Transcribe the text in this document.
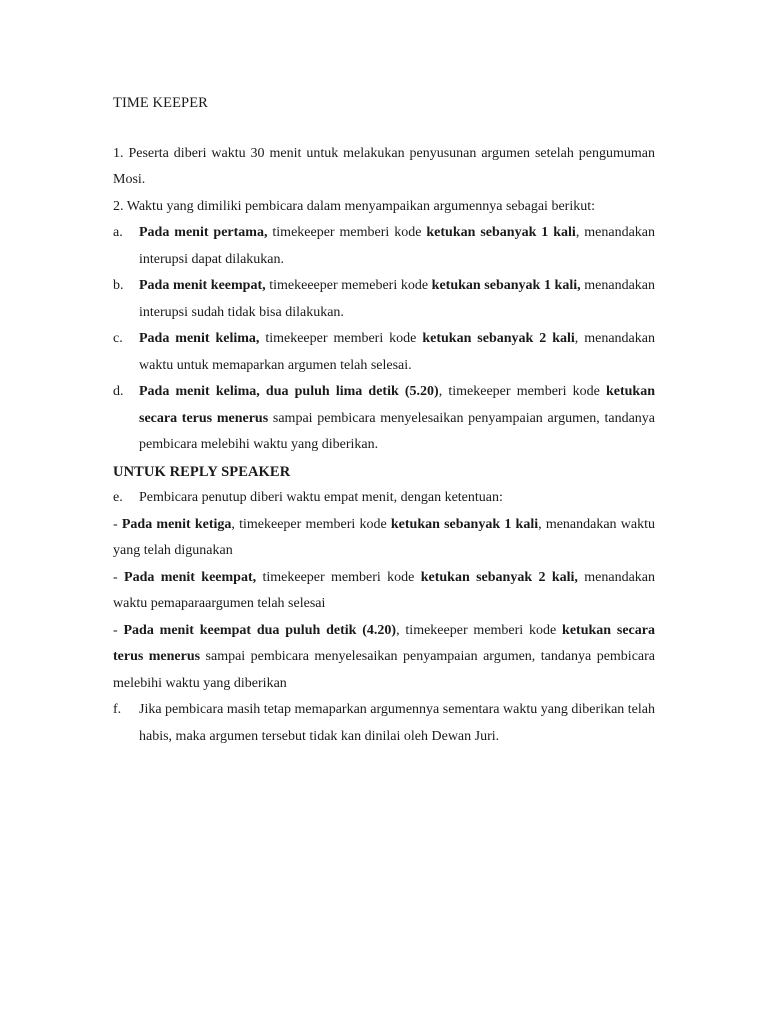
TIME KEEPER

1. Peserta diberi waktu 30 menit untuk melakukan penyusunan argumen setelah pengumuman Mosi.

2. Waktu yang dimiliki pembicara dalam menyampaikan argumennya sebagai berikut:

a.	Pada menit pertama, timekeeper memberi kode ketukan sebanyak 1 kali, menandakan interupsi dapat dilakukan.
b.	Pada menit keempat, timekeeeper memeberi kode ketukan sebanyak 1 kali, menandakan interupsi sudah tidak bisa dilakukan.
c.	Pada menit kelima, timekeeper memberi kode ketukan sebanyak 2 kali, menandakan waktu untuk memaparkan argumen telah selesai.
d.	Pada menit kelima, dua puluh lima detik (5.20), timekeeper memberi kode ketukan secara terus menerus sampai pembicara menyelesaikan penyampaian argumen, tandanya pembicara melebihi waktu yang diberikan.
UNTUK REPLY SPEAKER
e.	Pembicara penutup diberi waktu empat menit, dengan ketentuan:

- Pada menit ketiga, timekeeper memberi kode ketukan sebanyak 1 kali, menandakan waktu yang telah digunakan

- Pada menit keempat, timekeeper memberi kode ketukan sebanyak 2 kali, menandakan waktu pemaparaargumen telah selesai

- Pada menit keempat dua puluh detik (4.20), timekeeper memberi kode ketukan secara terus menerus sampai pembicara menyelesaikan penyampaian argumen, tandanya pembicara melebihi waktu yang diberikan

f.	Jika pembicara masih tetap memaparkan argumennya sementara waktu yang diberikan telah habis, maka argumen tersebut tidak kan dinilai oleh Dewan Juri.
